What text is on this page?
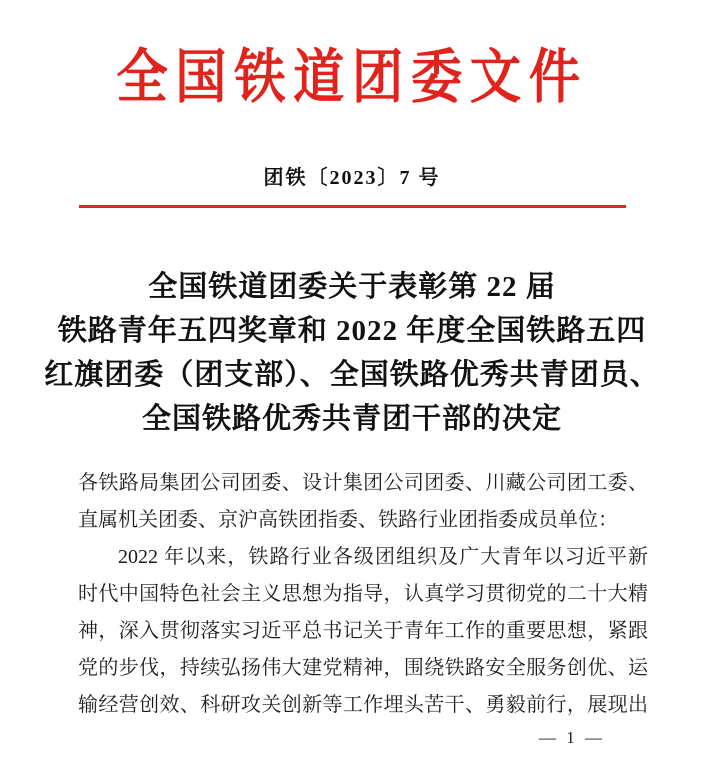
全国铁道团委文件
团铁〔2023〕7 号
全国铁道团委关于表彰第 22 届
铁路青年五四奖章和 2022 年度全国铁路五四
红旗团委（团支部）、全国铁路优秀共青团员、
全国铁路优秀共青团干部的决定
各铁路局集团公司团委、设计集团公司团委、川藏公司团工委、
直属机关团委、京沪高铁团指委、铁路行业团指委成员单位：
2022 年以来，铁路行业各级团组织及广大青年以习近平新
时代中国特色社会主义思想为指导，认真学习贯彻党的二十大精
神，深入贯彻落实习近平总书记关于青年工作的重要思想，紧跟
党的步伐，持续弘扬伟大建党精神，围绕铁路安全服务创优、运
输经营创效、科研攻关创新等工作埋头苦干、勇毅前行，展现出
— 1 —
